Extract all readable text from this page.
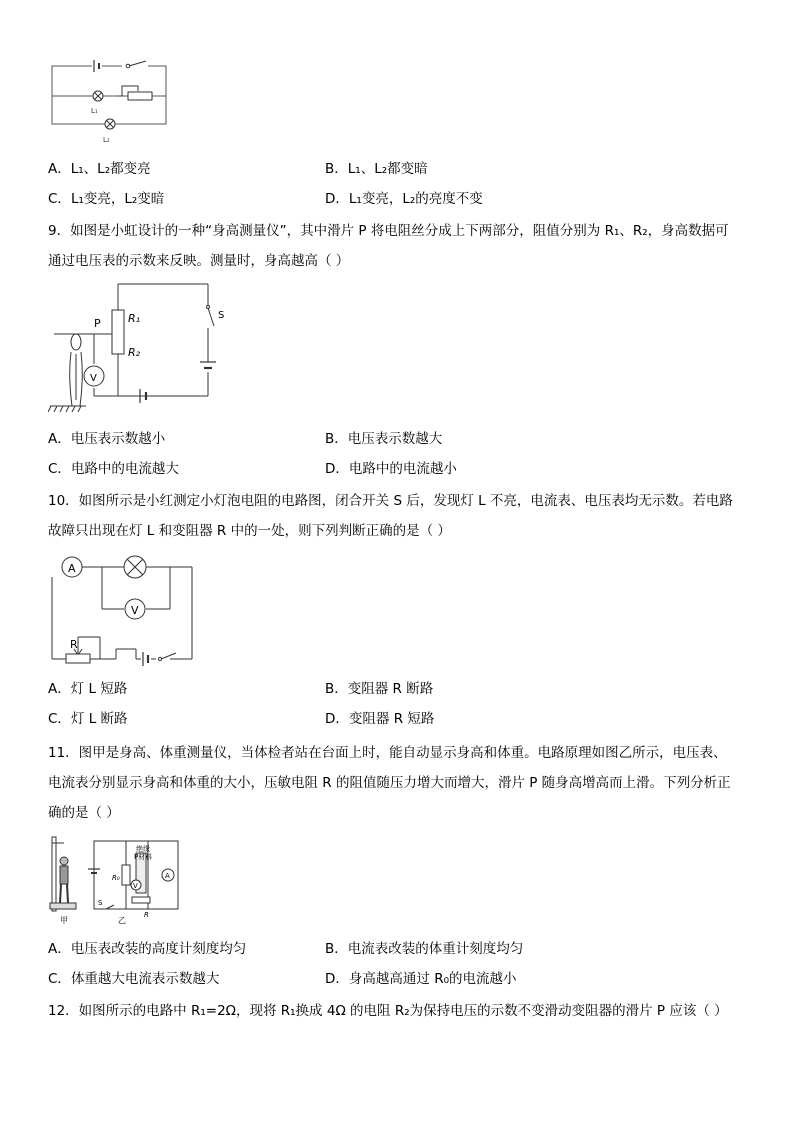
L₁
L₂
A．L₁、L₂都变亮	B．L₁、L₂都变暗
C．L₁变亮，L₂变暗	D．L₁变亮，L₂的亮度不变
9．如图是小虹设计的一种“身高测量仪”，其中滑片 P 将电阻丝分成上下两部分，阻值分别为 R₁、R₂，身高数据可
通过电压表的示数来反映。测量时，身高越高（ ）
V
S
P R₁
R₂
A．电压表示数越小	B．电压表示数越大
C．电路中的电流越大	D．电路中的电流越小
10．如图所示是小红测定小灯泡电阻的电路图，闭合开关 S 后，发现灯 L 不亮，电流表、电压表均无示数。若电路
故障只出现在灯 L 和变阻器 R 中的一处，则下列判断正确的是（ ）
A
V
R
A．灯 L 短路	B．变阻器 R 断路
C．灯 L 断路	D．变阻器 R 短路
11．图甲是身高、体重测量仪，当体检者站在台面上时，能自动显示身高和体重。电路原理如图乙所示，电压表、
电流表分别显示身高和体重的大小，压敏电阻 R 的阻值随压力增大而增大，滑片 P 随身高增高而上滑。下列分析正
确的是（ ）
甲
R₀
绝缘
P材料
V
A
R
S
乙
A．电压表改装的高度计刻度均匀	B．电流表改装的体重计刻度均匀
C．体重越大电流表示数越大	D．身高越高通过 R₀的电流越小
12．如图所示的电路中 R₁=2Ω，现将 R₁换成 4Ω 的电阻 R₂为保持电压的示数不变滑动变阻器的滑片 P 应该（ ）
